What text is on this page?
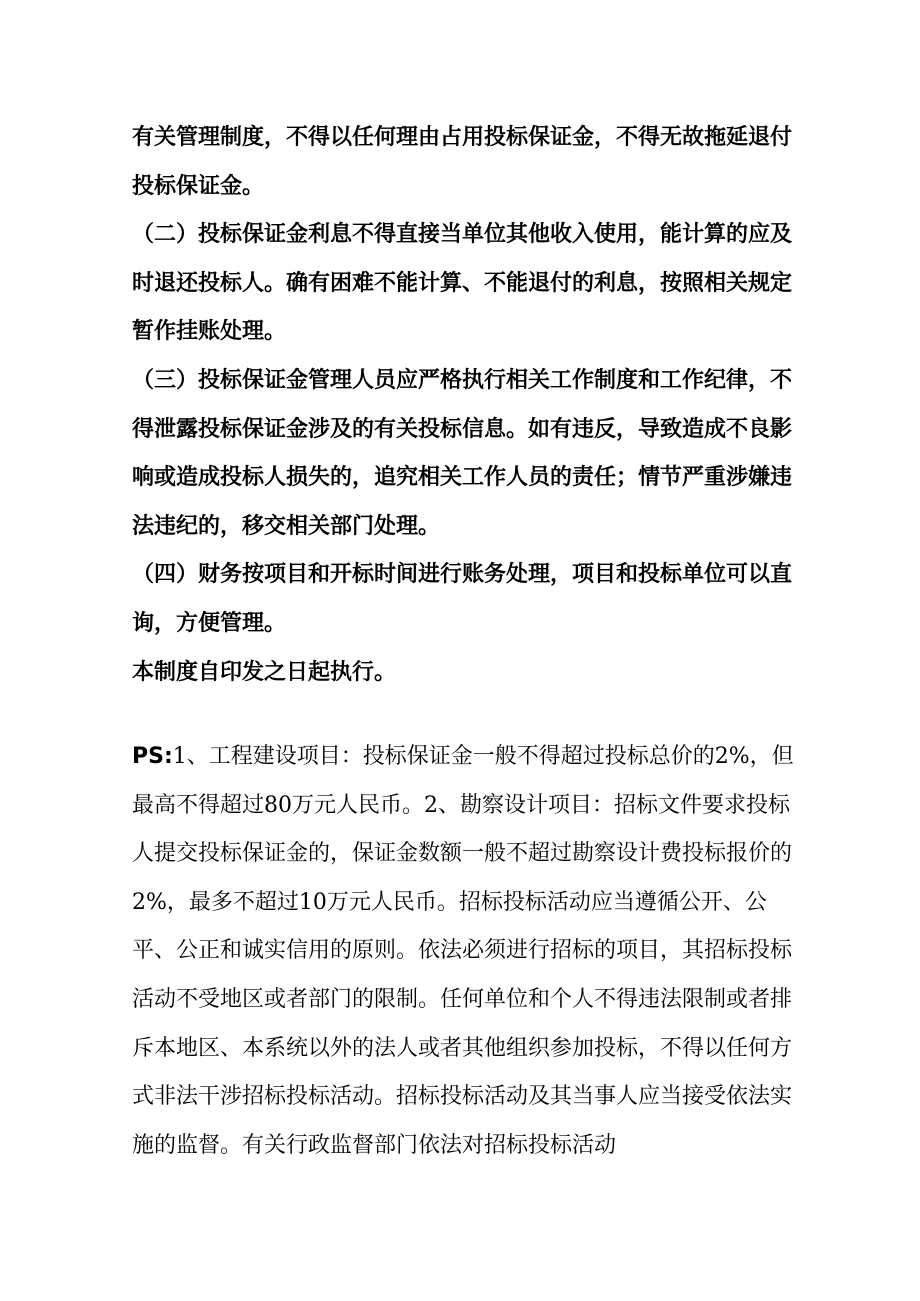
有关管理制度，不得以任何理由占用投标保证金，不得无故拖延退付投标保证金。

（二）投标保证金利息不得直接当单位其他收入使用，能计算的应及时退还投标人。确有困难不能计算、不能退付的利息，按照相关规定暂作挂账处理。

（三）投标保证金管理人员应严格执行相关工作制度和工作纪律，不得泄露投标保证金涉及的有关投标信息。如有违反，导致造成不良影响或造成投标人损失的，追究相关工作人员的责任；情节严重涉嫌违法违纪的，移交相关部门处理。

（四）财务按项目和开标时间进行账务处理，项目和投标单位可以直询，方便管理。

本制度自印发之日起执行。

PS:1、工程建设项目：投标保证金一般不得超过投标总价的2%，但最高不得超过80万元人民币。2、勘察设计项目：招标文件要求投标人提交投标保证金的，保证金数额一般不超过勘察设计费投标报价的2%，最多不超过10万元人民币。招标投标活动应当遵循公开、公平、公正和诚实信用的原则。依法必须进行招标的项目，其招标投标活动不受地区或者部门的限制。任何单位和个人不得违法限制或者排斥本地区、本系统以外的法人或者其他组织参加投标，不得以任何方式非法干涉招标投标活动。招标投标活动及其当事人应当接受依法实施的监督。有关行政监督部门依法对招标投标活动
